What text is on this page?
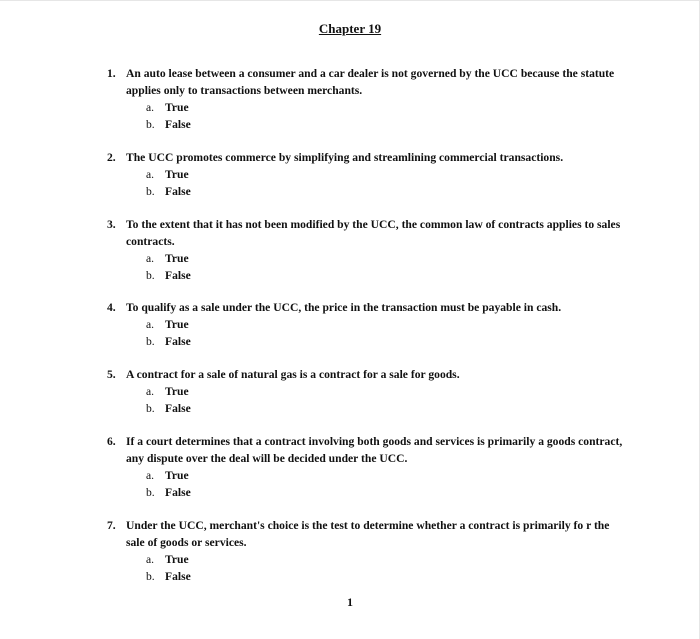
Chapter 19
1. An auto lease between a consumer and a car dealer is not governed by the UCC because the statute applies only to transactions between merchants.
a. True
b. False
2. The UCC promotes commerce by simplifying and streamlining commercial transactions.
a. True
b. False
3. To the extent that it has not been modified by the UCC, the common law of contracts applies to sales contracts.
a. True
b. False
4. To qualify as a sale under the UCC, the price in the transaction must be payable in cash.
a. True
b. False
5. A contract for a sale of natural gas is a contract for a sale for goods.
a. True
b. False
6. If a court determines that a contract involving both goods and services is primarily a goods contract, any dispute over the deal will be decided under the UCC.
a. True
b. False
7. Under the UCC, merchant's choice is the test to determine whether a contract is primarily fo r the sale of goods or services.
a. True
b. False
1
